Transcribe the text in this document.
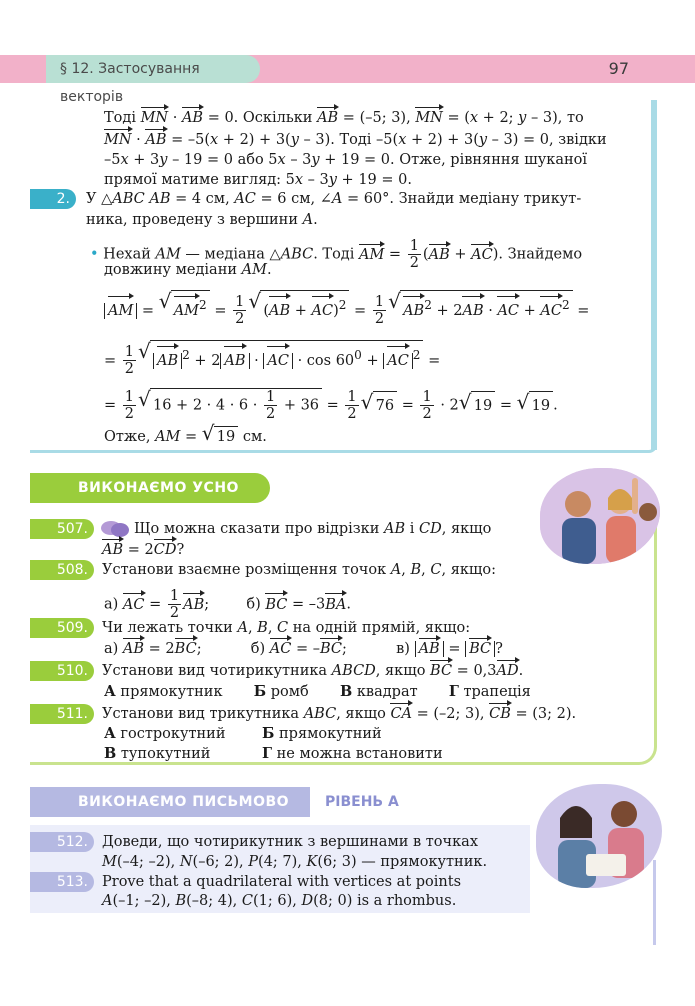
§ 12. Застосування векторів
97
Тоді MN · AB = 0. Оскільки AB = (–5; 3), MN = (x + 2; y – 3), то
MN · AB = –5(x + 2) + 3(y – 3). Тоді –5(x + 2) + 3(y – 3) = 0, звідки
–5x + 3y – 19 = 0 або 5x – 3y + 19 = 0. Отже, рівняння шуканої
прямої матиме вигляд: 5x – 3y + 19 = 0.
2.	У △ABC AB = 4 см, AC = 6 см, ∠A = 60°. Знайди медіану трикут-
ника, проведену з вершини A.
• Нехай AM — медіана △ABC. Тоді AM = $\frac{1}{2} (AB + AC)$. Знайдемо
довжину медіани AM.
AM = √ $AM^2 = \frac{1}{2}$
√ $(AB + AC)^2 = \frac{1}{2}$
√ $AB^2 + 2AB$ · AC + $AC^2$ =
= $\frac{1}{2}$
√ AB $^2$ + 2 AB · AC · $\cos 60^0$ + AC $^2$ =
= $\frac{1}{2}$
√ $16 + 2 \cdot 4 \cdot 6 \cdot \frac{1}{2} + 36 = \frac{1}{2}$
√ $76 = \frac{1}{2} \cdot 2√$ 19 = √ 19 .
Отже, AM = √ 19 см.
ВИКОНАЄМО УСНО
507.	Що можна сказати про відрізки AB і CD, якщо
AB = 2CD?
508. Установи взаємне розміщення точок A, B, C, якщо:
а) AC = $\frac{1}{2}$ AB;  б) BC = –3BA.
509. Чи лежать точки A, B, C на одній прямій, якщо:
а) AB = 2BC;	б) AC = –BC;	в) AB = BC ?
510. Установи вид чотирикутника ABCD, якщо BC = 0,3AD.
А прямокутник Б ромб В квадрат Г трапеція
511. Установи вид трикутника ABC, якщо CA = (–2; 3), CB = (3; 2).
А гострокутний	Б прямокутний
В тупокутний	Г не можна встановити
ВИКОНАЄМО ПИСЬМОВО	РІВЕНЬ А
512. Доведи, що чотирикутник з вершинами в точках
M(–4; –2), N(–6; 2), P(4; 7), K(6; 3) — прямокутник.
513. Prove that a quadrilateral with vertices at points
A(–1; –2), B(–8; 4), C(1; 6), D(8; 0) is a rhombus.
